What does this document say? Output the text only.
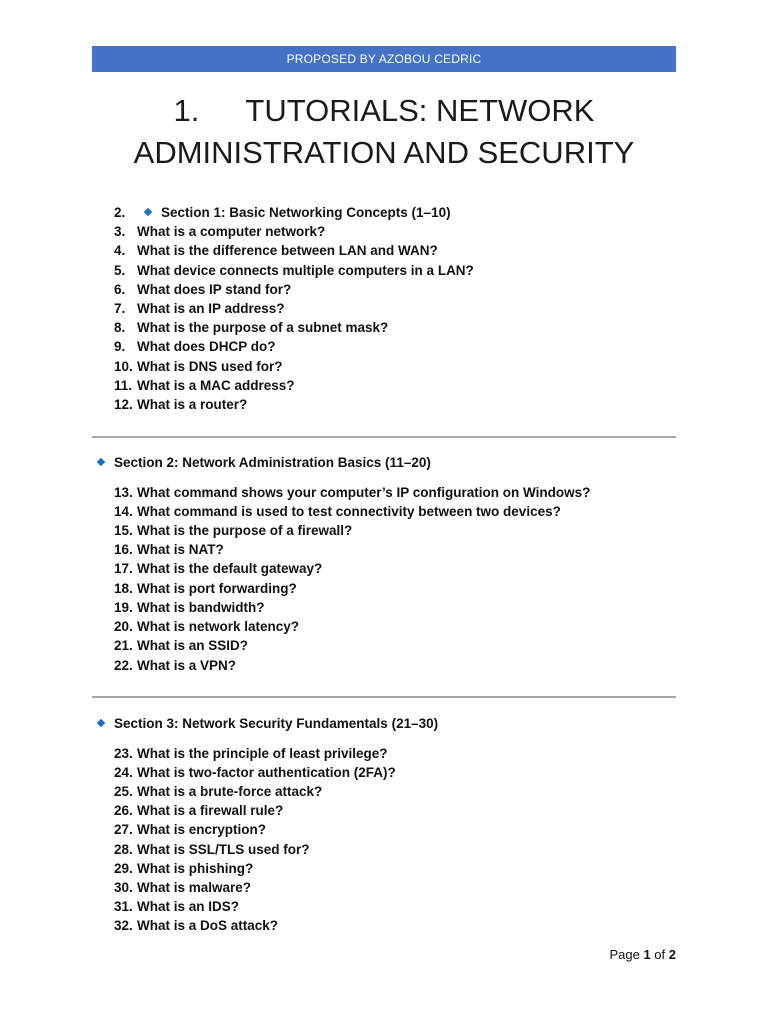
PROPOSED BY AZOBOU CEDRIC
1. TUTORIALS: NETWORK
ADMINISTRATION AND SECURITY
2.	Section 1: Basic Networking Concepts (1–10)
3. What is a computer network?
4. What is the difference between LAN and WAN?
5. What device connects multiple computers in a LAN?
6. What does IP stand for?
7. What is an IP address?
8. What is the purpose of a subnet mask?
9. What does DHCP do?
10. What is DNS used for?
11. What is a MAC address?
12. What is a router?
Section 2: Network Administration Basics (11–20)
13. What command shows your computer’s IP configuration on Windows?
14. What command is used to test connectivity between two devices?
15. What is the purpose of a firewall?
16. What is NAT?
17. What is the default gateway?
18. What is port forwarding?
19. What is bandwidth?
20. What is network latency?
21. What is an SSID?
22. What is a VPN?
Section 3: Network Security Fundamentals (21–30)
23. What is the principle of least privilege?
24. What is two-factor authentication (2FA)?
25. What is a brute-force attack?
26. What is a firewall rule?
27. What is encryption?
28. What is SSL/TLS used for?
29. What is phishing?
30. What is malware?
31. What is an IDS?
32. What is a DoS attack?
Page 1 of 2
